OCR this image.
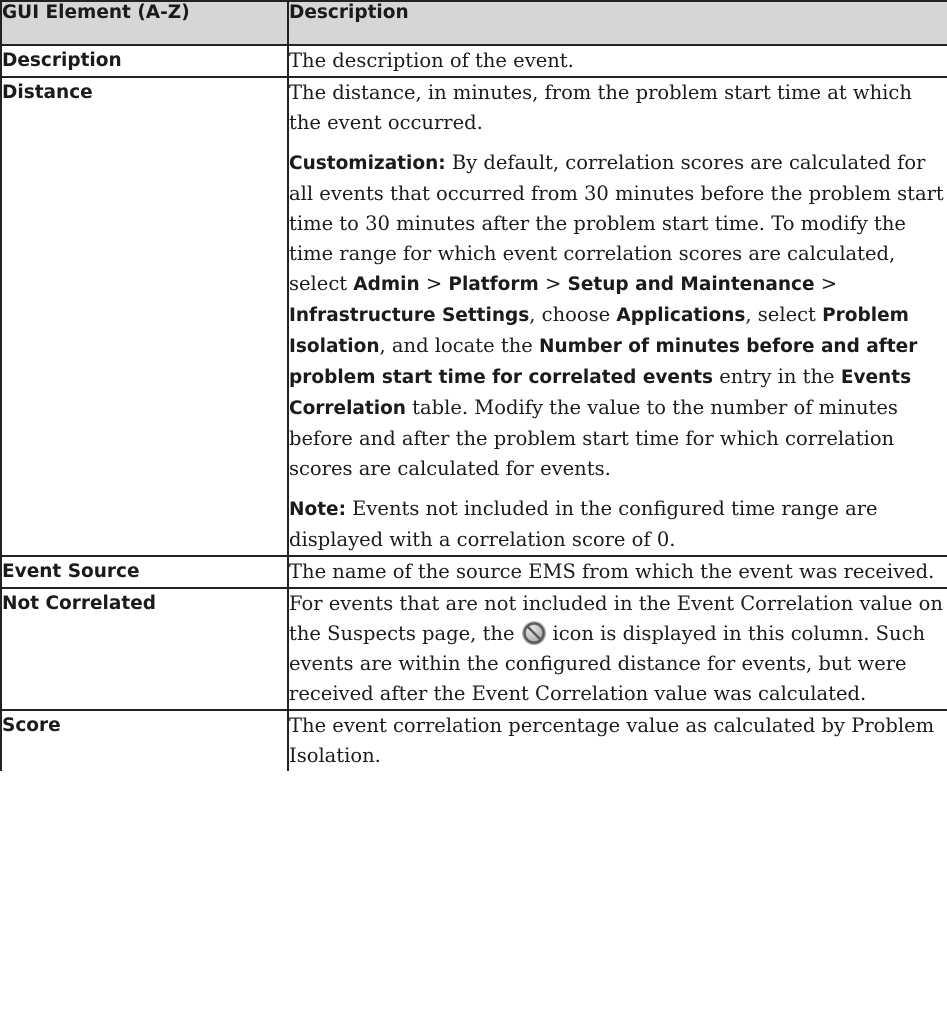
GUI Element (A-Z)	Description
Description	The description of the event.

Distance	The distance, in minutes, from the problem start time at which the event occurred.

Customization: By default, correlation scores are calculated for all events that occurred from 30 minutes before the problem start time to 30 minutes after the problem start time. To modify the time range for which event correlation scores are calculated, select Admin > Platform > Setup and Maintenance > Infrastructure Settings, choose Applications, select Problem Isolation, and locate the Number of minutes before and after problem start time for correlated events entry in the Events Correlation table. Modify the value to the number of minutes before and after the problem start time for which correlation scores are calculated for events.

Note: Events not included in the configured time range are displayed with a correlation score of 0.

Event Source	The name of the source EMS from which the event was received.

Not Correlated	For events that are not included in the Event Correlation value on the Suspects page, the icon is displayed in this column. Such events are within the configured distance for events, but were received after the Event Correlation value was calculated.

Score	The event correlation percentage value as calculated by Problem Isolation.
